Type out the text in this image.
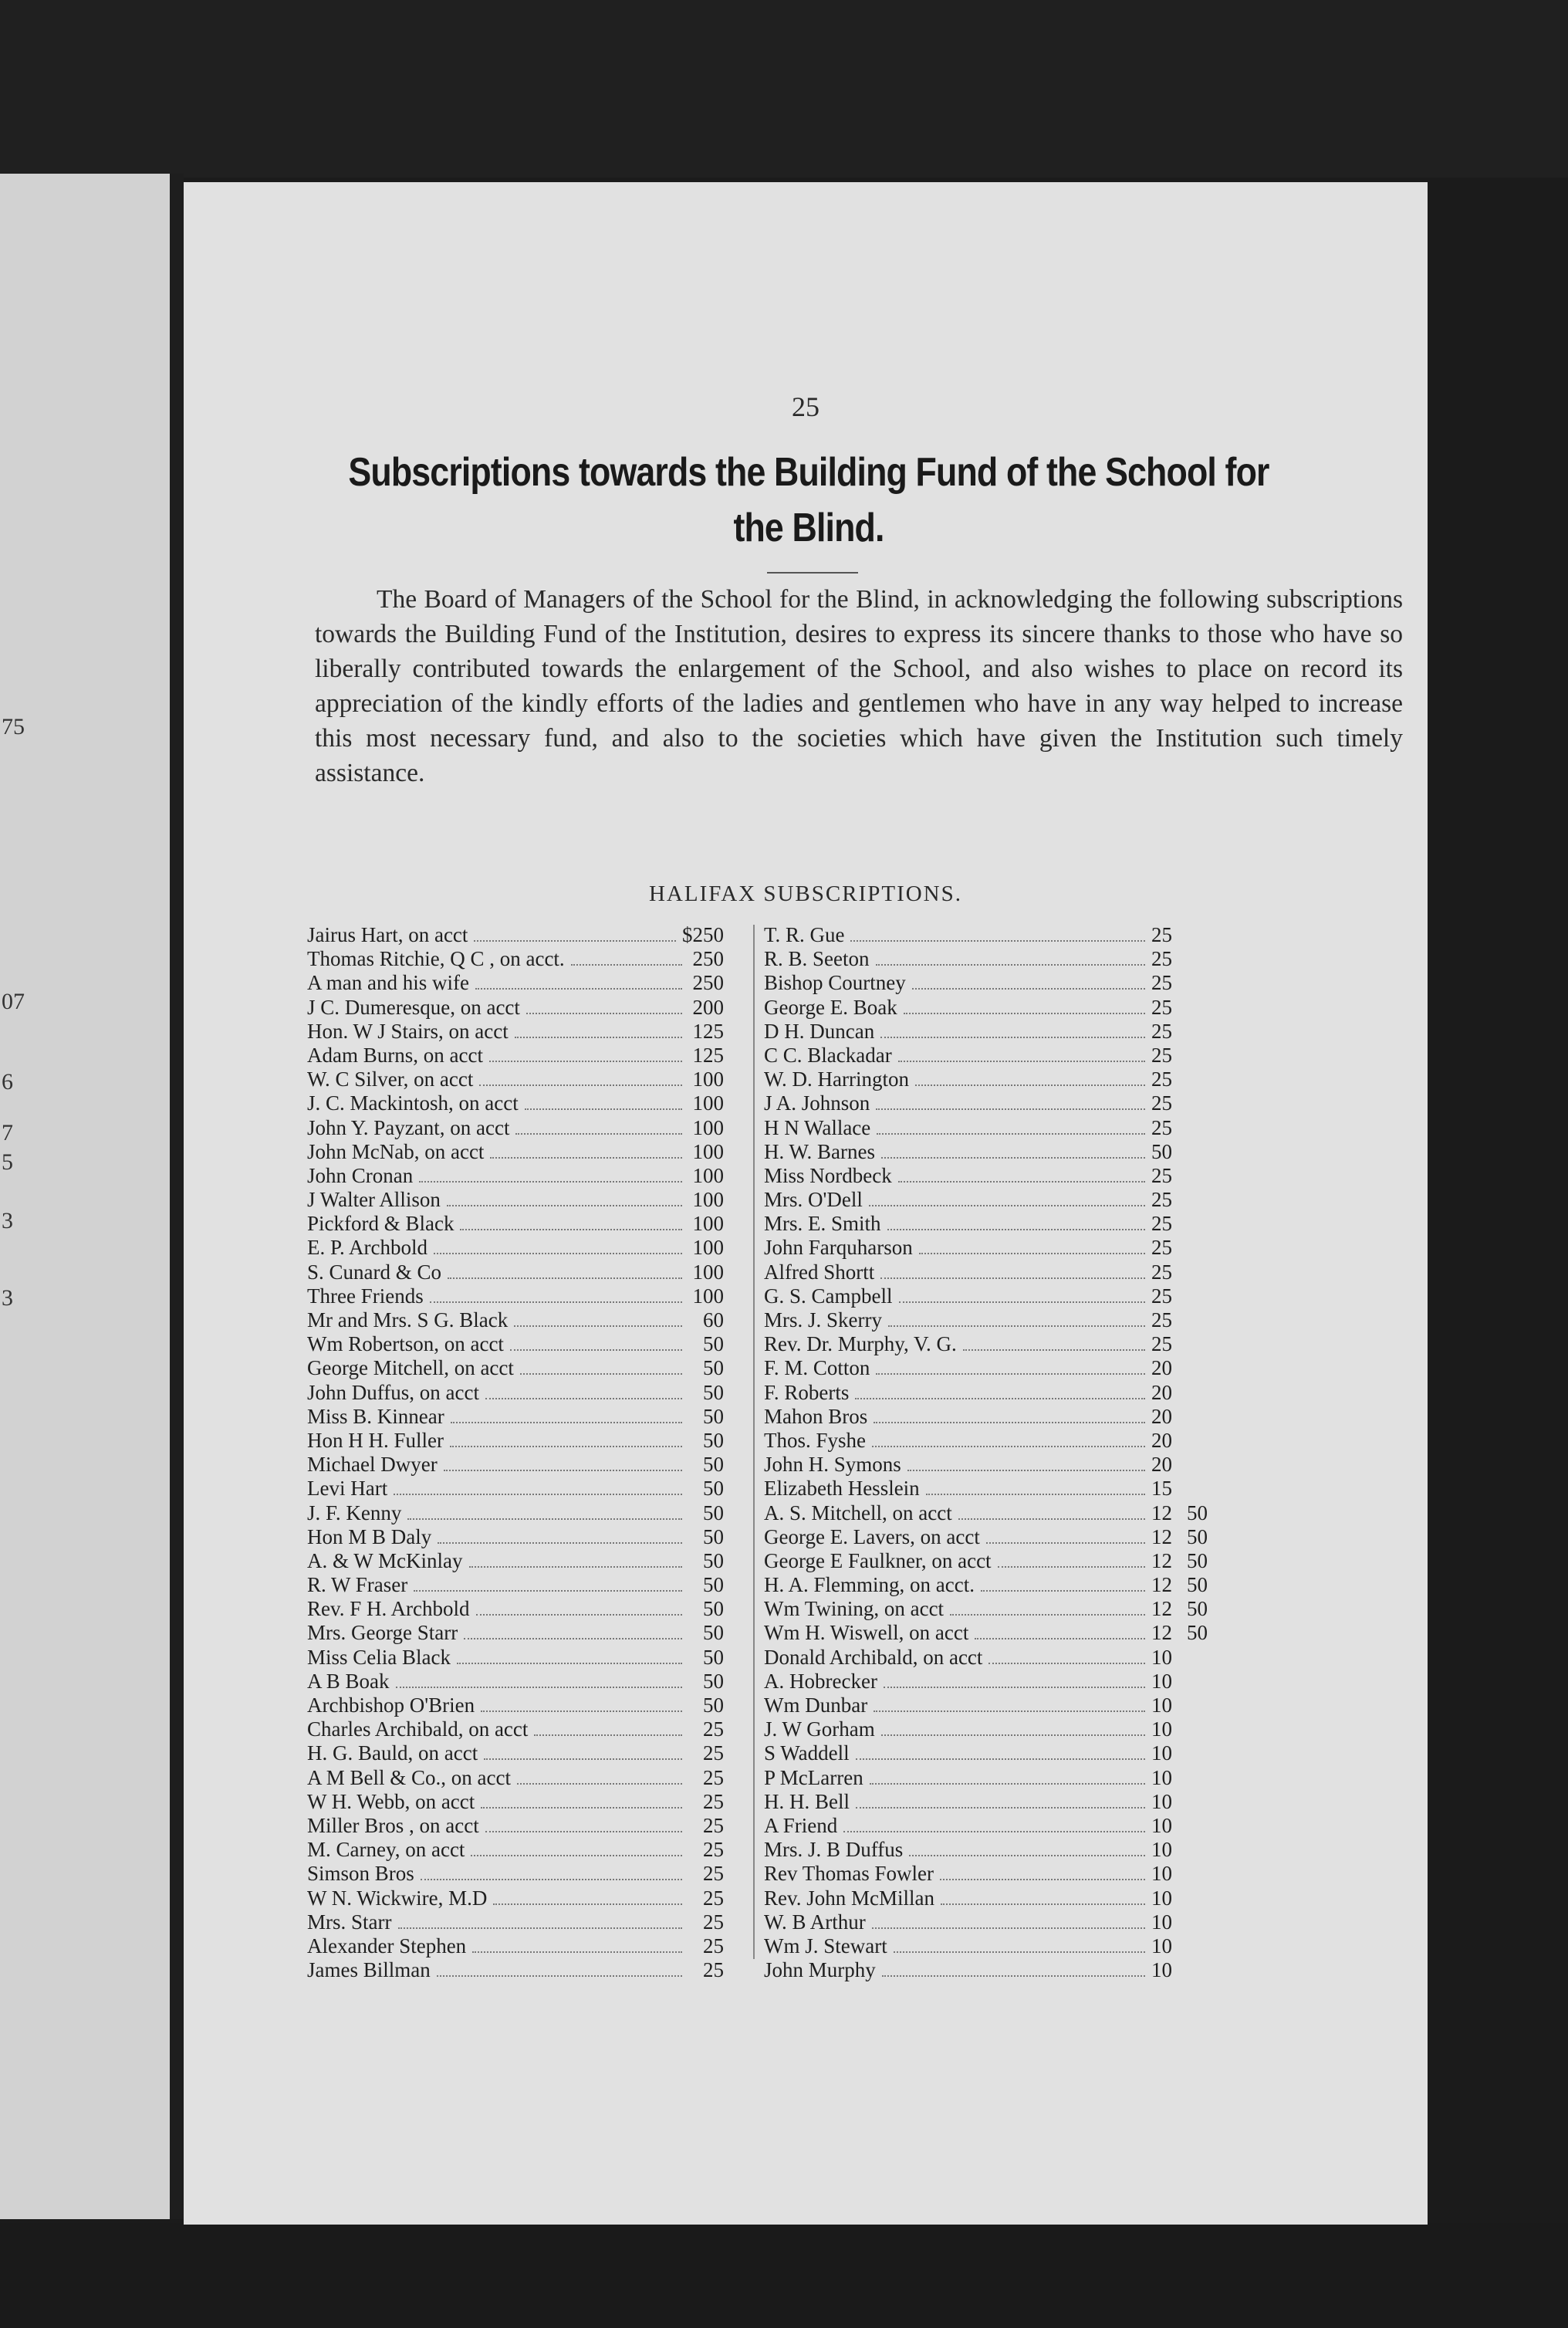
75
07
6
7
5
3
3
25
Subscriptions towards the Building Fund of the School for the Blind.

The Board of Managers of the School for the Blind, in acknowledging the following subscriptions towards the Building Fund of the Institution, desires to express its sincere thanks to those who have so liberally contributed towards the enlargement of the School, and also wishes to place on record its appreciation of the kindly efforts of the ladies and gentlemen who have in any way helped to increase this most necessary fund, and also to the societies which have given the Institution such timely assistance.

HALIFAX SUBSCRIPTIONS.
Jairus Hart, on acct	$250
Thomas Ritchie, Q C , on acct.	250
A man and his wife	250
J C. Dumeresque, on acct	200
Hon. W J Stairs, on acct	125
Adam Burns, on acct	125
W. C Silver, on acct	100
J. C. Mackintosh, on acct	100
John Y. Payzant, on acct	100
John McNab, on acct	100
John Cronan	100
J Walter Allison	100
Pickford & Black	100
E. P. Archbold	100
S. Cunard & Co	100
Three Friends	100
Mr and Mrs. S G. Black	60
Wm Robertson, on acct	50
George Mitchell, on acct	50
John Duffus, on acct	50
Miss B. Kinnear	50
Hon H H. Fuller	50
Michael Dwyer	50
Levi Hart	50
J. F. Kenny	50
Hon M B Daly	50
A. & W McKinlay	50
R. W Fraser	50
Rev. F H. Archbold	50
Mrs. George Starr	50
Miss Celia Black	50
A B Boak	50
Archbishop O'Brien	50
Charles Archibald, on acct	25
H. G. Bauld, on acct	25
A M Bell & Co., on acct	25
W H. Webb, on acct	25
Miller Bros , on acct	25
M. Carney, on acct	25
Simson Bros	25
W N. Wickwire, M.D	25
Mrs. Starr	25
Alexander Stephen	25
James Billman	25
T. R. Gue	25
R. B. Seeton	25
Bishop Courtney	25
George E. Boak	25
D H. Duncan	25
C C. Blackadar	25
W. D. Harrington	25
J A. Johnson	25
H N Wallace	25
H. W. Barnes	50
Miss Nordbeck	25
Mrs. O'Dell	25
Mrs. E. Smith	25
John Farquharson	25
Alfred Shortt	25
G. S. Campbell	25
Mrs. J. Skerry	25
Rev. Dr. Murphy, V. G.	25
F. M. Cotton	20
F. Roberts	20
Mahon Bros	20
Thos. Fyshe	20
John H. Symons	20
Elizabeth Hesslein	15
A. S. Mitchell, on acct	12 50
George E. Lavers, on acct	12 50
George E Faulkner, on acct	12 50
H. A. Flemming, on acct.	12 50
Wm Twining, on acct	12 50
Wm H. Wiswell, on acct	12 50
Donald Archibald, on acct	10
A. Hobrecker	10
Wm Dunbar	10
J. W Gorham	10
S Waddell	10
P McLarren	10
H. H. Bell	10
A Friend	10
Mrs. J. B Duffus	10
Rev Thomas Fowler	10
Rev. John McMillan	10
W. B Arthur	10
Wm J. Stewart	10
John Murphy	10
